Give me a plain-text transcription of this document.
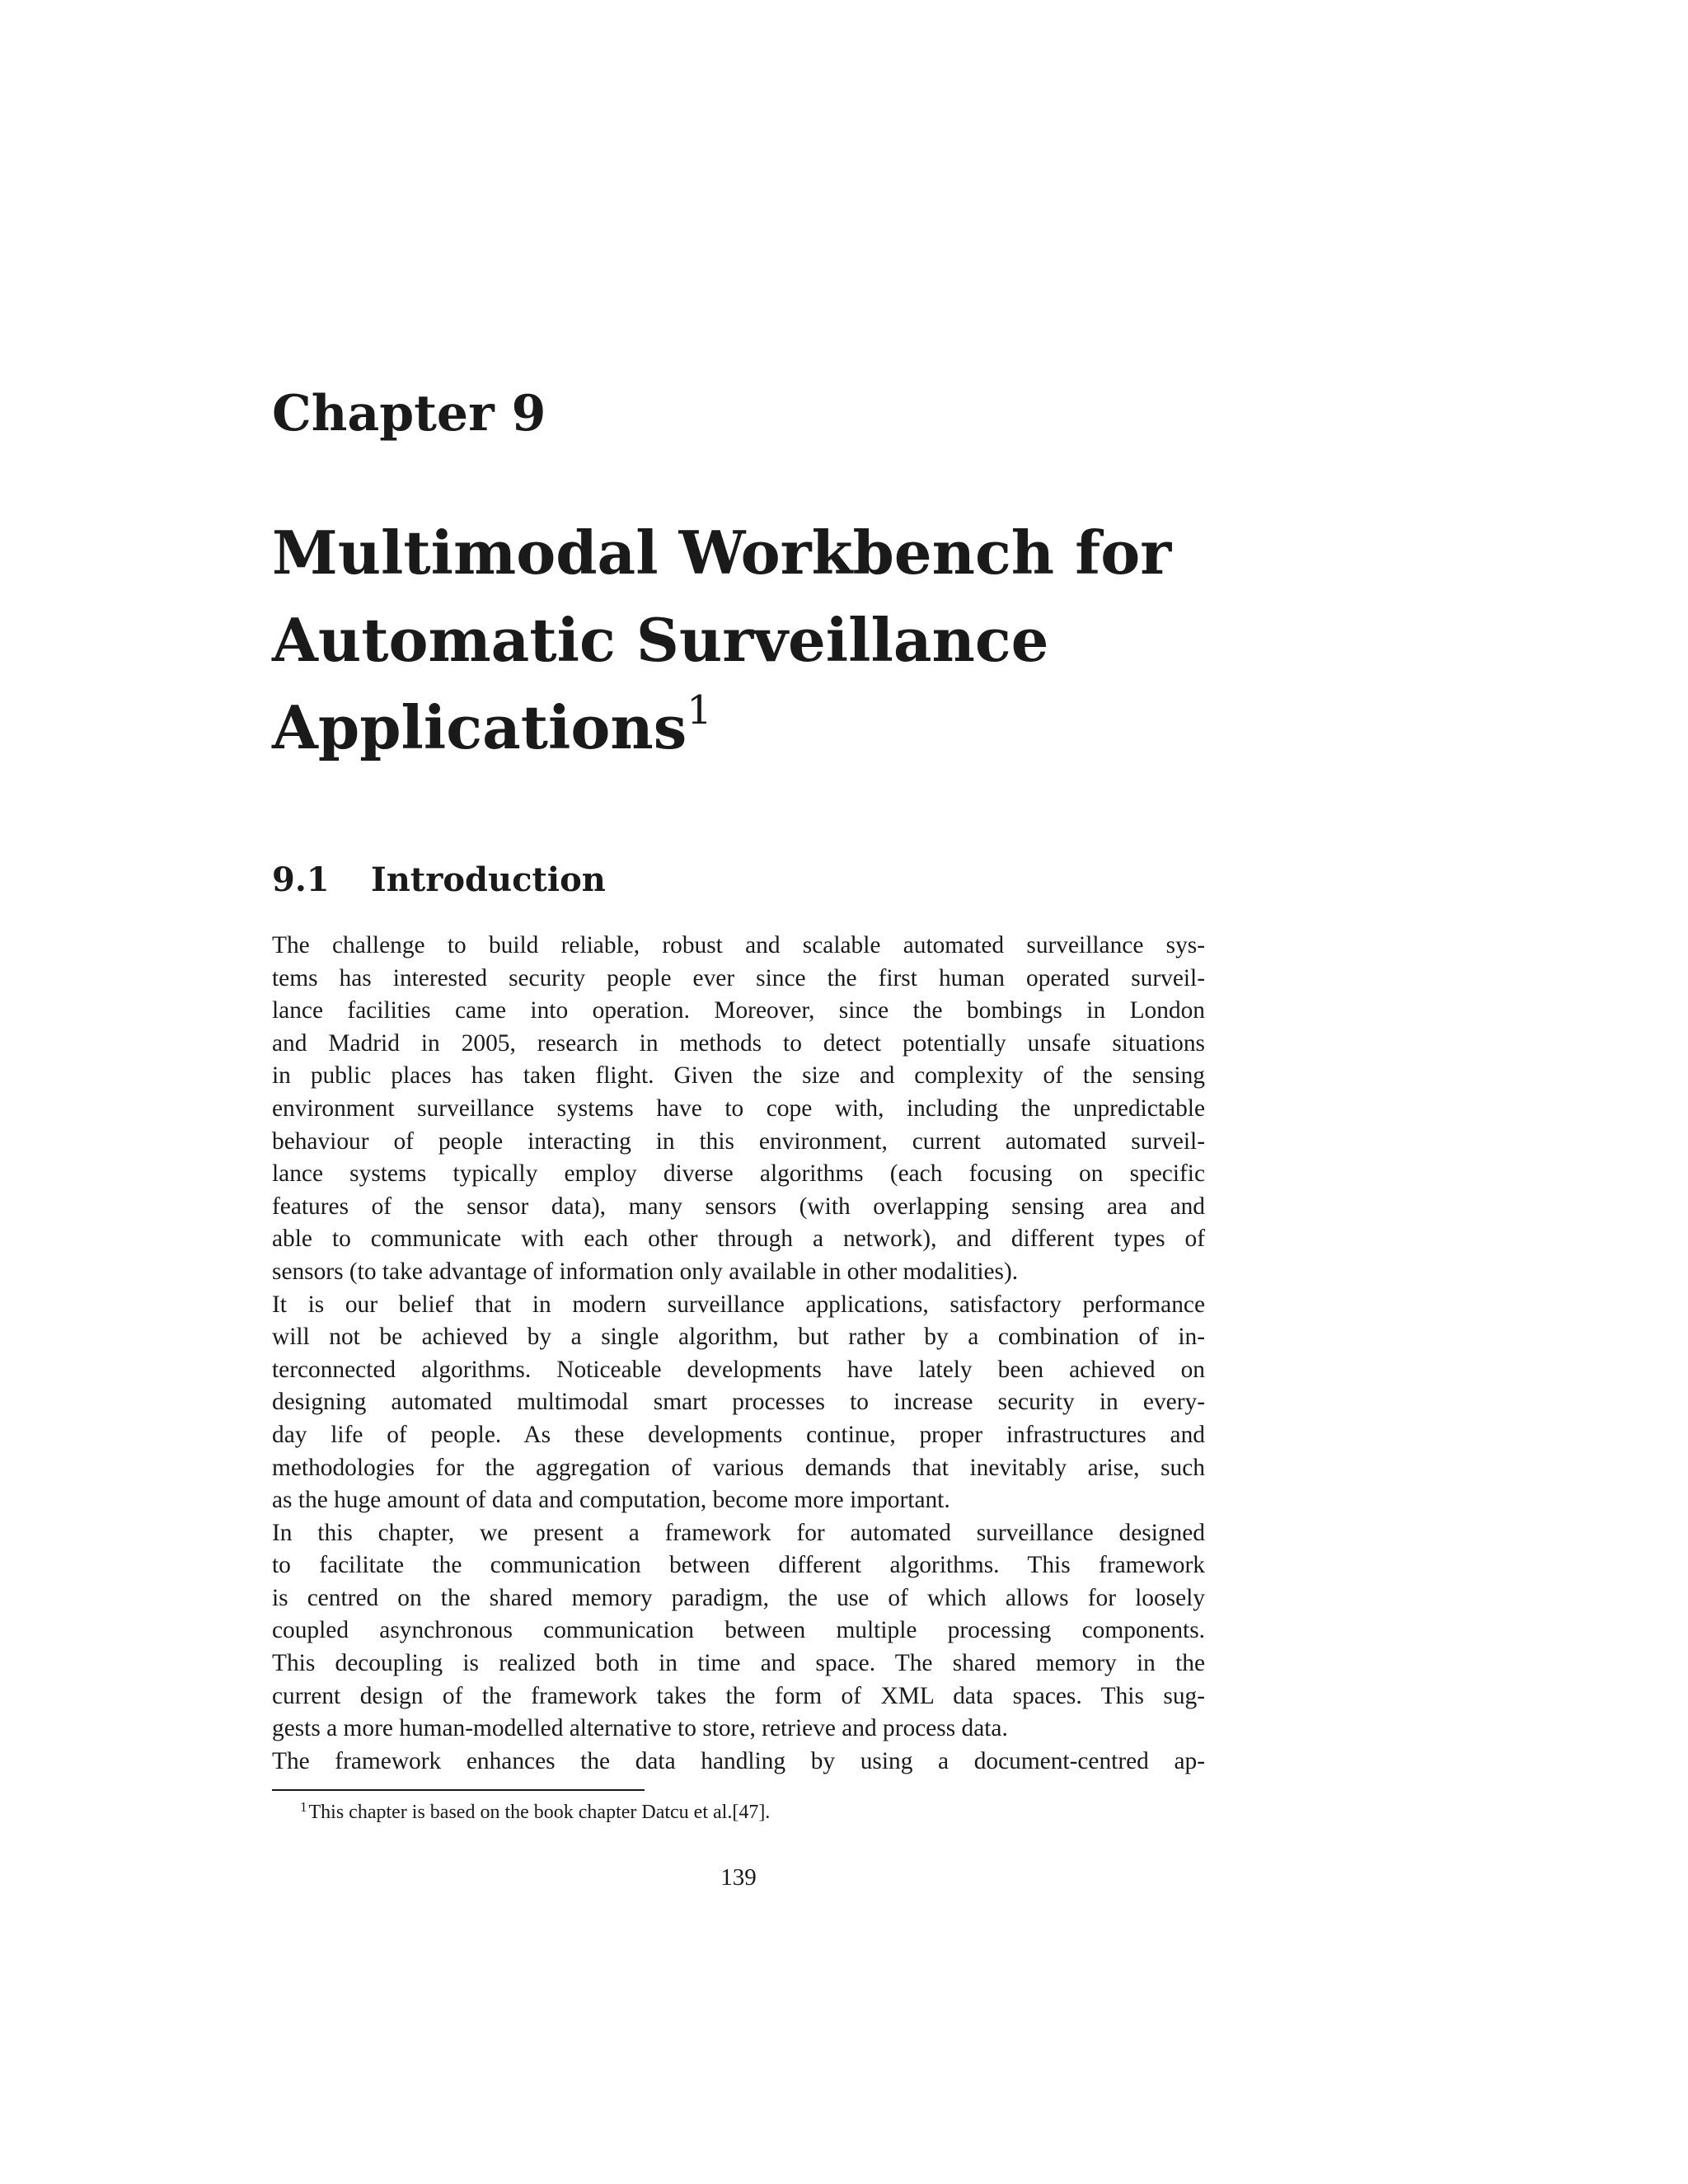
Chapter 9
Multimodal Workbench for
Automatic Surveillance
Applications$^1$
9.1 Introduction
The challenge to build reliable, robust and scalable automated surveillance sys-
tems has interested security people ever since the first human operated surveil-
lance facilities came into operation. Moreover, since the bombings in London
and Madrid in 2005, research in methods to detect potentially unsafe situations
in public places has taken flight. Given the size and complexity of the sensing
environment surveillance systems have to cope with, including the unpredictable
behaviour of people interacting in this environment, current automated surveil-
lance systems typically employ diverse algorithms (each focusing on specific
features of the sensor data), many sensors (with overlapping sensing area and
able to communicate with each other through a network), and different types of
sensors (to take advantage of information only available in other modalities).
It is our belief that in modern surveillance applications, satisfactory performance
will not be achieved by a single algorithm, but rather by a combination of in-
terconnected algorithms. Noticeable developments have lately been achieved on
designing automated multimodal smart processes to increase security in every-
day life of people. As these developments continue, proper infrastructures and
methodologies for the aggregation of various demands that inevitably arise, such
as the huge amount of data and computation, become more important.
In this chapter, we present a framework for automated surveillance designed
to facilitate the communication between different algorithms. This framework
is centred on the shared memory paradigm, the use of which allows for loosely
coupled asynchronous communication between multiple processing components.
This decoupling is realized both in time and space. The shared memory in the
current design of the framework takes the form of XML data spaces. This sug-
gests a more human-modelled alternative to store, retrieve and process data.
The framework enhances the data handling by using a document-centred ap-

$^1$This chapter is based on the book chapter Datcu et al.[47].

139
